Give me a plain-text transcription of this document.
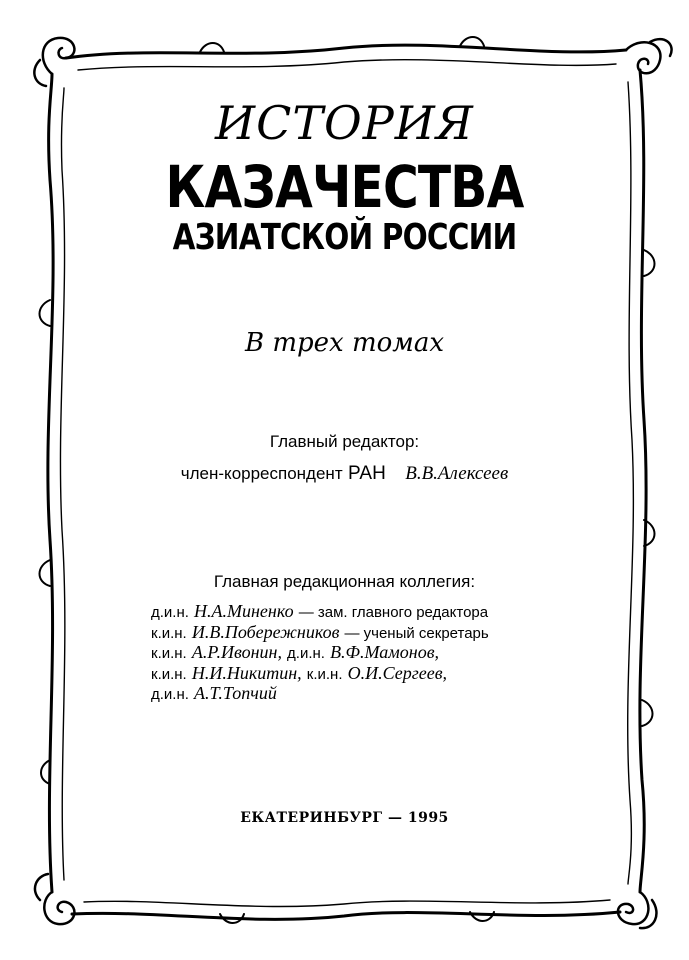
ИСТОРИЯ
КАЗАЧЕСТВА
АЗИАТСКОЙ РОССИИ
В трех томах
Главный редактор:
член-корреспондент РАН В.В.Алексеев
Главная редакционная коллегия:
д.и.н. Н.А.Миненко — зам. главного редактора
к.и.н. И.В.Побережников — ученый секретарь
к.и.н. А.Р.Ивонин, д.и.н. В.Ф.Мамонов,
к.и.н. Н.И.Никитин, к.и.н. О.И.Сергеев,
д.и.н. А.Т.Топчий
ЕКАТЕРИНБУРГ — 1995
